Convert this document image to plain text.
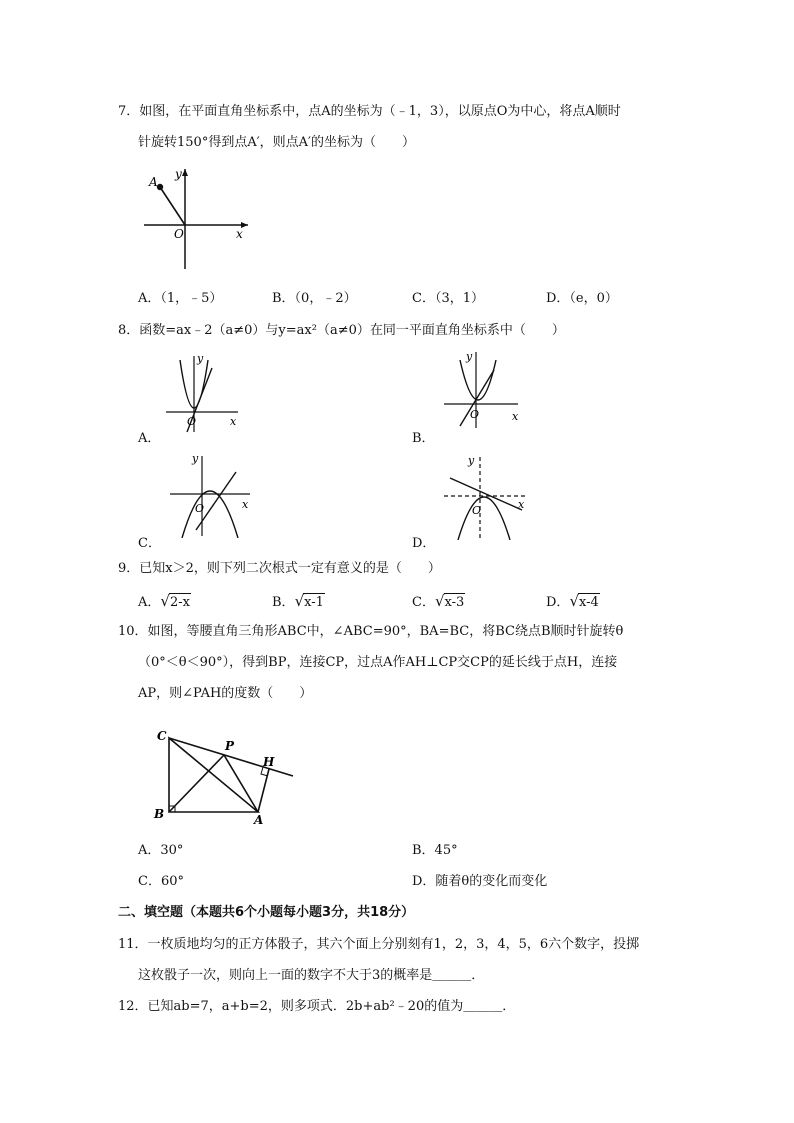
7．如图，在平面直角坐标系中，点A的坐标为（﹣1，3），以原点O为中心，将点A顺时
针旋转150°得到点A′，则点A′的坐标为（　　）
A
y
O	x
A．（1，﹣5）	B．（0，﹣2）	C．（3，1）	D．（e，0）
8．函数=ax﹣2（a≠0）与y=ax²（a≠0）在同一平面直角坐标系中（　　）
O	x
y
A．
O	x
y
B．
O	x
y
C．
O	x
y
D．
9．已知x＞2，则下列二次根式一定有意义的是（　　）
A．√2-x	B．√x-1	C．√x-3	D．√x-4
10．如图，等腰直角三角形ABC中，∠ABC=90°，BA=BC，将BC绕点B顺时针旋转θ
（0°＜θ＜90°），得到BP，连接CP，过点A作AH⊥CP交CP的延长线于点H，连接
AP，则∠PAH的度数（　　）
C
P
H
B	A
A．30°	B．45°
C．60°	D．随着θ的变化而变化
二、填空题（本题共6个小题每小题3分，共18分）
11．一枚质地均匀的正方体骰子，其六个面上分别刻有1，2，3，4，5，6六个数字，投掷
这枚骰子一次，则向上一面的数字不大于3的概率是＿＿＿．
12．已知ab=7，a+b=2，则多项式．2b+ab²﹣20的值为＿＿＿．
